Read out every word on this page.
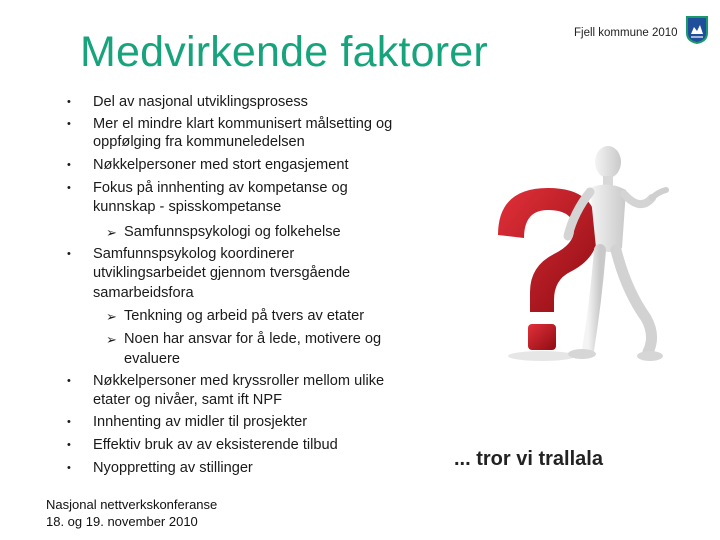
Medvirkende faktorer	Fjell kommune 2010
• Del av nasjonal utviklingsprosess
• Mer el mindre klart kommunisert målsetting og
oppfølging fra kommuneledelsen
• Nøkkelpersoner med stort engasjement
• Fokus på innhenting av kompetanse og
kunnskap - spisskompetanse
➢ Samfunnspsykologi og folkehelse
• Samfunnspsykolog koordinerer
utviklingsarbeidet gjennom tversgående
samarbeidsfora
➢ Tenkning og arbeid på tvers av etater
➢ Noen har ansvar for å lede, motivere og
evaluere
• Nøkkelpersoner med kryssroller mellom ulike
etater og nivåer, samt ift NPF
• Innhenting av midler til prosjekter
• Effektiv bruk av av eksisterende tilbud
• Nyoppretting av stillinger	... tror vi trallala
Nasjonal nettverkskonferanse
18. og 19. november 2010
